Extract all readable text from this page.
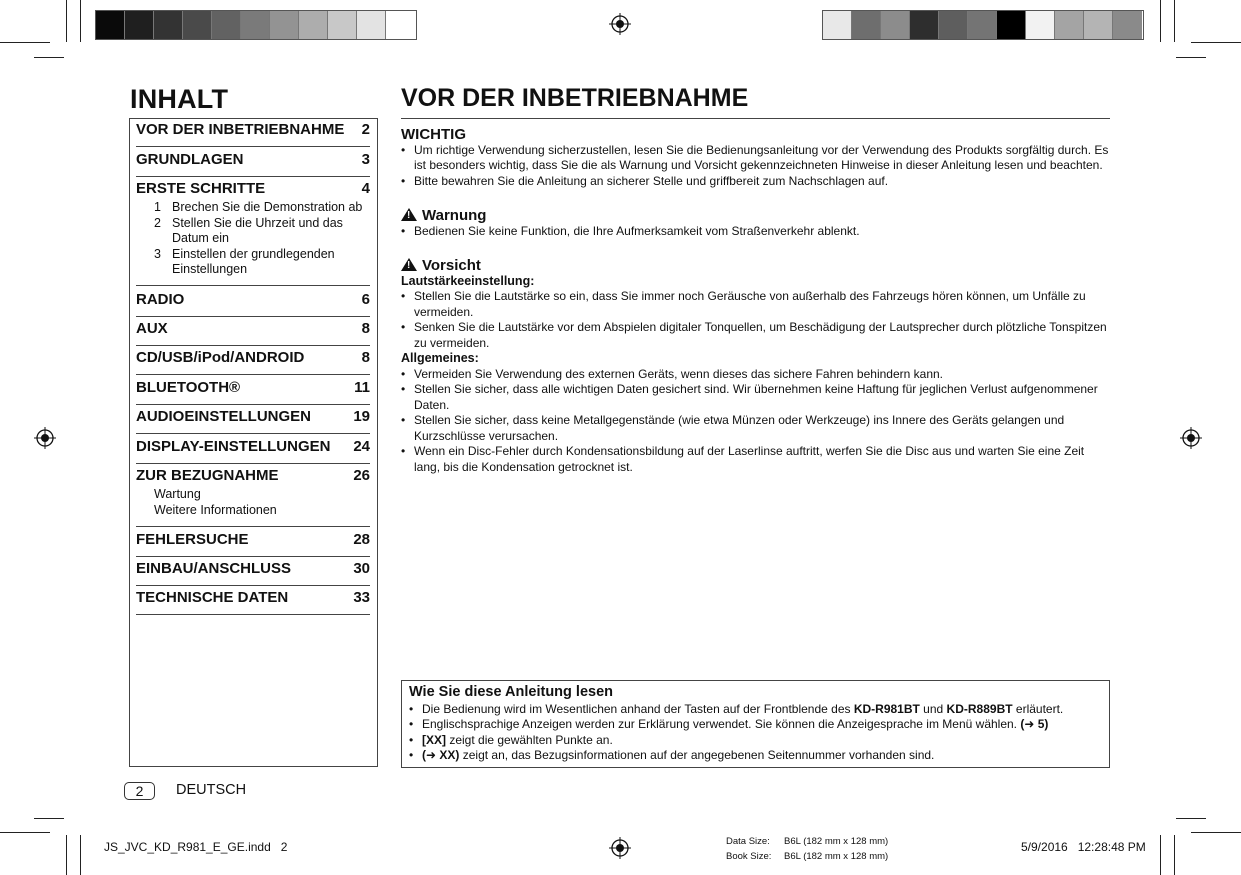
INHALT
VOR DER INBETRIEBNAHME 2
GRUNDLAGEN	3
ERSTE SCHRITTE	4
1 Brechen Sie die Demonstration ab
2 Stellen Sie die Uhrzeit und das Datum ein
3 Einstellen der grundlegenden Einstellungen
RADIO	6
AUX	8
CD/USB/iPod/ANDROID	8
BLUETOOTH®	11
AUDIOEINSTELLUNGEN	19
DISPLAY-EINSTELLUNGEN 24
ZUR BEZUGNAHME	26
Wartung
Weitere Informationen
FEHLERSUCHE	28
EINBAU/ANSCHLUSS	30
TECHNISCHE DATEN	33
VOR DER INBETRIEBNAHME
WICHTIG
• Um richtige Verwendung sicherzustellen, lesen Sie die Bedienungsanleitung vor der Verwendung des Produkts sorgfältig durch. Es ist besonders wichtig, dass Sie die als Warnung und Vorsicht gekennzeichneten Hinweise in dieser Anleitung lesen und beachten.
• Bitte bewahren Sie die Anleitung an sicherer Stelle und griffbereit zum Nachschlagen auf.
! Warnung
• Bedienen Sie keine Funktion, die Ihre Aufmerksamkeit vom Straßenverkehr ablenkt.
! Vorsicht
Lautstärkeeinstellung:
• Stellen Sie die Lautstärke so ein, dass Sie immer noch Geräusche von außerhalb des Fahrzeugs hören können, um Unfälle zu vermeiden.
• Senken Sie die Lautstärke vor dem Abspielen digitaler Tonquellen, um Beschädigung der Lautsprecher durch plötzliche Tonspitzen zu vermeiden.
Allgemeines:
• Vermeiden Sie Verwendung des externen Geräts, wenn dieses das sichere Fahren behindern kann.
• Stellen Sie sicher, dass alle wichtigen Daten gesichert sind. Wir übernehmen keine Haftung für jeglichen Verlust aufgenommener Daten.
• Stellen Sie sicher, dass keine Metallgegenstände (wie etwa Münzen oder Werkzeuge) ins Innere des Geräts gelangen und Kurzschlüsse verursachen.
• Wenn ein Disc-Fehler durch Kondensationsbildung auf der Laserlinse auftritt, werfen Sie die Disc aus und warten Sie eine Zeit lang, bis die Kondensation getrocknet ist.
Wie Sie diese Anleitung lesen
• Die Bedienung wird im Wesentlichen anhand der Tasten auf der Frontblende des KD-R981BT und KD-R889BT erläutert.
• Englischsprachige Anzeigen werden zur Erklärung verwendet. Sie können die Anzeigesprache im Menü wählen. (➜ 5)
• [XX] zeigt die gewählten Punkte an.
• (➜ XX) zeigt an, das Bezugsinformationen auf der angegebenen Seitennummer vorhanden sind.
2	DEUTSCH
JS_JVC_KD_R981_E_GE.indd   2	Data Size: B6L (182 mm x 128 mm)
Book Size: B6L (182 mm x 128 mm)
5/9/2016   12:28:48 PM
